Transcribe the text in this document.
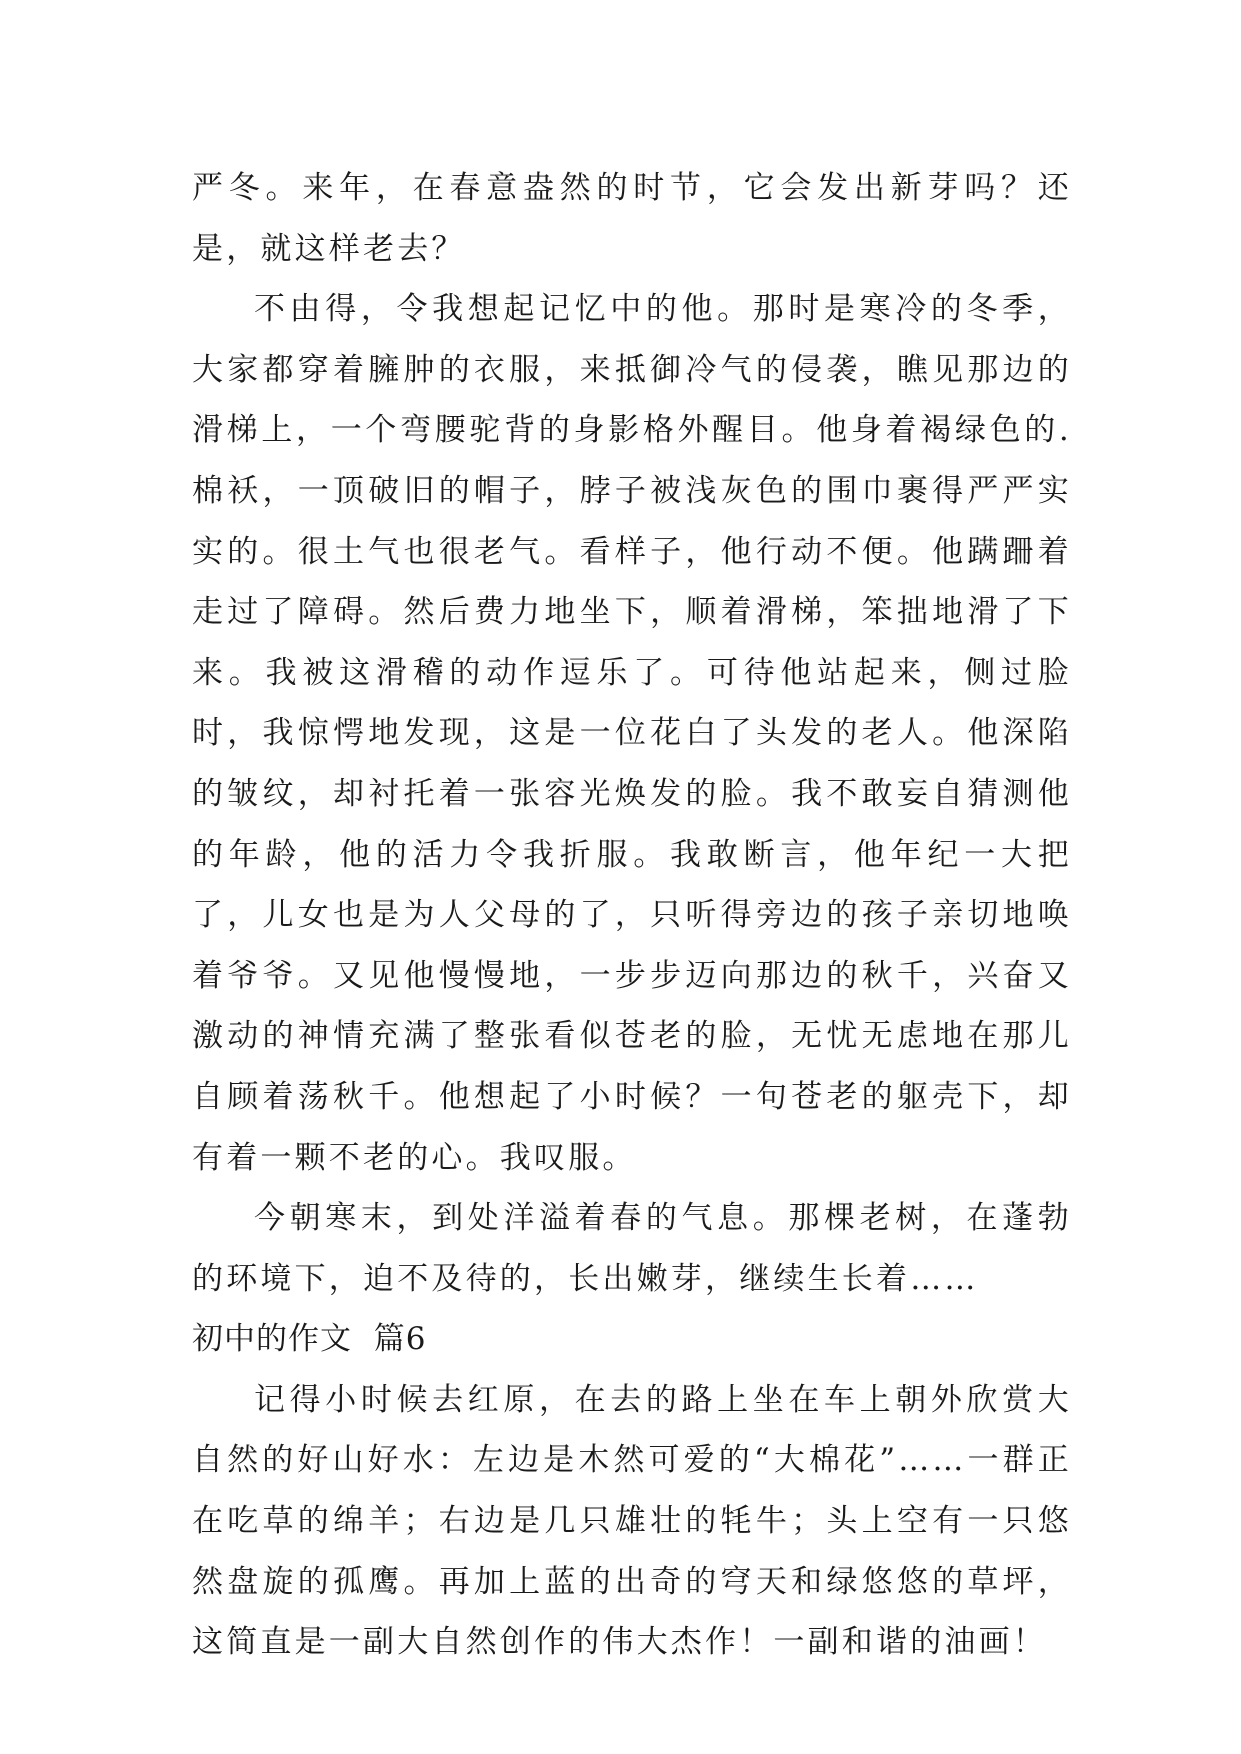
严冬。来年，在春意盎然的时节，它会发出新芽吗？还是，就这样老去？

不由得，令我想起记忆中的他。那时是寒冷的冬季，大家都穿着臃肿的衣服，来抵御冷气的侵袭，瞧见那边的滑梯上，一个弯腰驼背的身影格外醒目。他身着褐绿色的.棉袄，一顶破旧的帽子，脖子被浅灰色的围巾裹得严严实实的。很土气也很老气。看样子，他行动不便。他蹒跚着走过了障碍。然后费力地坐下，顺着滑梯，笨拙地滑了下来。我被这滑稽的动作逗乐了。可待他站起来，侧过脸时，我惊愕地发现，这是一位花白了头发的老人。他深陷的皱纹，却衬托着一张容光焕发的脸。我不敢妄自猜测他的年龄，他的活力令我折服。我敢断言，他年纪一大把了，儿女也是为人父母的了，只听得旁边的孩子亲切地唤着爷爷。又见他慢慢地，一步步迈向那边的秋千，兴奋又激动的神情充满了整张看似苍老的脸，无忧无虑地在那儿自顾着荡秋千。他想起了小时候？一句苍老的躯壳下，却有着一颗不老的心。我叹服。

今朝寒末，到处洋溢着春的气息。那棵老树，在蓬勃的环境下，迫不及待的，长出嫩芽，继续生长着……

初中的作文  篇6

记得小时候去红原，在去的路上坐在车上朝外欣赏大自然的好山好水：左边是木然可爱的“大棉花”……一群正在吃草的绵羊；右边是几只雄壮的牦牛；头上空有一只悠然盘旋的孤鹰。再加上蓝的出奇的穹天和绿悠悠的草坪，这简直是一副大自然创作的伟大杰作！一副和谐的油画！
